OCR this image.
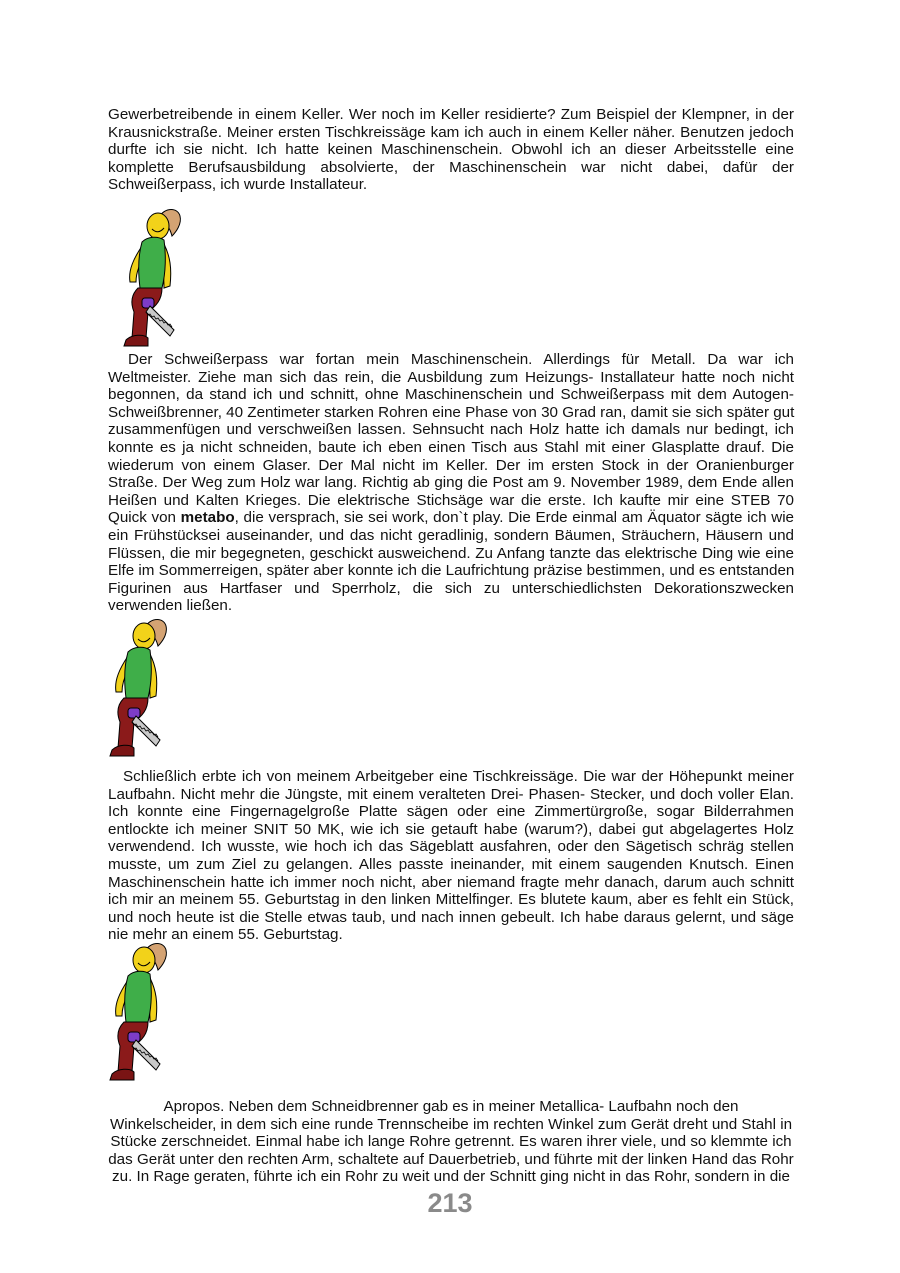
Gewerbetreibende in einem Keller. Wer noch im Keller residierte? Zum Beispiel der Klempner, in der
Krausnickstraße. Meiner ersten Tischkreissäge kam ich auch in einem Keller näher. Benutzen jedoch
durfte ich sie nicht. Ich hatte keinen Maschinenschein. Obwohl ich an dieser Arbeitsstelle eine
komplette Berufsausbildung absolvierte, der Maschinenschein war nicht dabei, dafür der
Schweißerpass, ich wurde Installateur.

Der Schweißerpass war fortan mein Maschinenschein. Allerdings für Metall. Da war ich
Weltmeister. Ziehe man sich das rein, die Ausbildung zum Heizungs- Installateur hatte noch nicht
begonnen, da stand ich und schnitt, ohne Maschinenschein und Schweißerpass mit dem Autogen-
Schweißbrenner, 40 Zentimeter starken Rohren eine Phase von 30 Grad ran, damit sie sich später gut
zusammenfügen und verschweißen lassen. Sehnsucht nach Holz hatte ich damals nur bedingt, ich
konnte es ja nicht schneiden, baute ich eben einen Tisch aus Stahl mit einer Glasplatte drauf. Die
wiederum von einem Glaser. Der Mal nicht im Keller. Der im ersten Stock in der Oranienburger
Straße. Der Weg zum Holz war lang. Richtig ab ging die Post am 9. November 1989, dem Ende allen
Heißen und Kalten Krieges. Die elektrische Stichsäge war die erste. Ich kaufte mir eine STEB 70
Quick von metabo, die versprach, sie sei work, don`t play. Die Erde einmal am Äquator sägte ich wie
ein Frühstücksei auseinander, und das nicht geradlinig, sondern Bäumen, Sträuchern, Häusern und
Flüssen, die mir begegneten, geschickt ausweichend. Zu Anfang tanzte das elektrische Ding wie eine
Elfe im Sommerreigen, später aber konnte ich die Laufrichtung präzise bestimmen, und es entstanden
Figurinen aus Hartfaser und Sperrholz, die sich zu unterschiedlichsten Dekorationszwecken
verwenden ließen.

Schließlich erbte ich von meinem Arbeitgeber eine Tischkreissäge. Die war der Höhepunkt meiner
Laufbahn. Nicht mehr die Jüngste, mit einem veralteten Drei- Phasen- Stecker, und doch voller Elan.
Ich konnte eine Fingernagelgroße Platte sägen oder eine Zimmertürgroße, sogar Bilderrahmen
entlockte ich meiner SNIT 50 MK, wie ich sie getauft habe (warum?), dabei gut abgelagertes Holz
verwendend. Ich wusste, wie hoch ich das Sägeblatt ausfahren, oder den Sägetisch schräg stellen
musste, um zum Ziel zu gelangen. Alles passte ineinander, mit einem saugenden Knutsch. Einen
Maschinenschein hatte ich immer noch nicht, aber niemand fragte mehr danach, darum auch schnitt
ich mir an meinem 55. Geburtstag in den linken Mittelfinger. Es blutete kaum, aber es fehlt ein Stück,
und noch heute ist die Stelle etwas taub, und nach innen gebeult. Ich habe daraus gelernt, und säge
nie mehr an einem 55. Geburtstag.

Apropos. Neben dem Schneidbrenner gab es in meiner Metallica- Laufbahn noch den
Winkelscheider, in dem sich eine runde Trennscheibe im rechten Winkel zum Gerät dreht und Stahl in
Stücke zerschneidet. Einmal habe ich lange Rohre getrennt. Es waren ihrer viele, und so klemmte ich
das Gerät unter den rechten Arm, schaltete auf Dauerbetrieb, und führte mit der linken Hand das Rohr
zu. In Rage geraten, führte ich ein Rohr zu weit und der Schnitt ging nicht in das Rohr, sondern in die

213
